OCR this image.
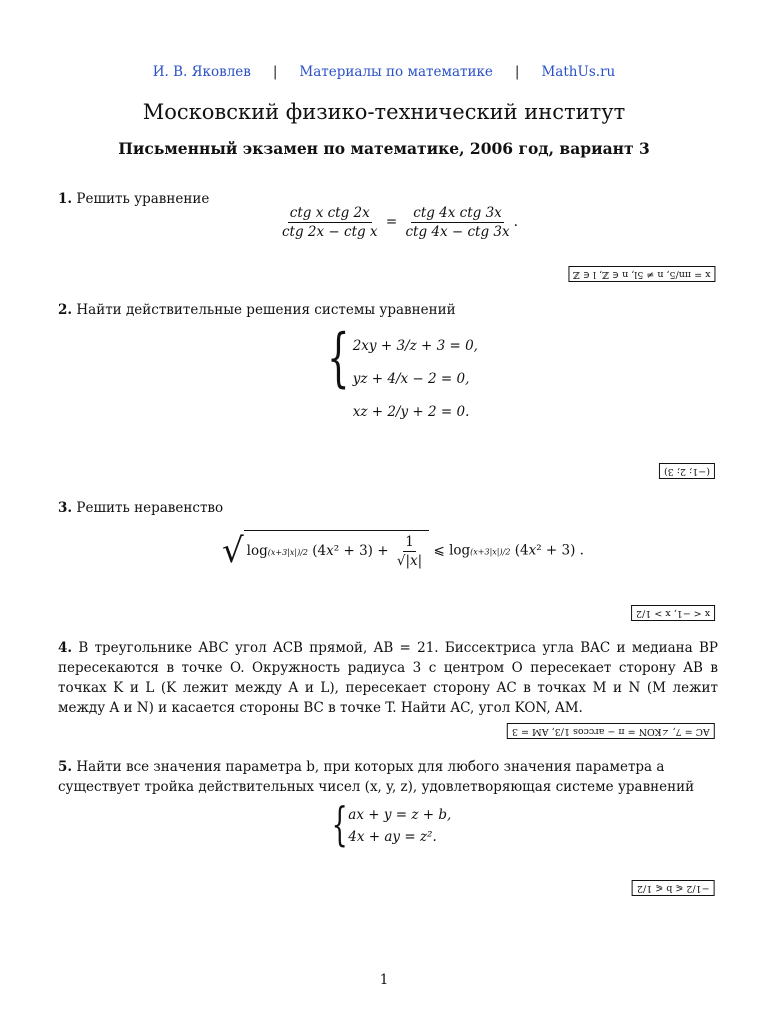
И. В. Яковлев | Материалы по математике | MathUs.ru
Московский физико-технический институт
Письменный экзамен по математике, 2006 год, вариант 3
1. Решить уравнение
$\frac{\text{ctg x ctg 2x}}{\text{ctg 2x − ctg x}} = \frac{\text{ctg 4x ctg 3x}}{\text{ctg 4x − ctg 3x}}$ .
x = πn/5, n ≠ 5l, n ∈ ℤ, l ∈ ℤ
2. Найти действительные решения системы уравнений
{ 2xy + 3/z + 3 = 0,
yz + 4/x − 2 = 0,
xz + 2/y + 2 = 0.
(−1; 2; 3)
3. Решить неравенство
√ log(x+3|x|)/2 $(4x^2 + 3) + \frac{1}{√|x|}$ ⩽ log(x+3|x|)/2 (4x² + 3) .
x < −1, x > 1/2
4. В треугольнике ABC угол ACB прямой, AB = 21. Биссектриса угла BAC и медиана BP пересекаются в точке O. Окружность радиуса 3 с центром O пересекает сторону AB в точках K и L (K лежит между A и L), пересекает сторону AC в точках M и N (M лежит между A и N) и касается стороны BC в точке T. Найти AC, угол KON, AM.
AC = 7, ∠KON = π − arccos 1/3, AM = 3
5. Найти все значения параметра b, при которых для любого значения параметра a существует тройка действительных чисел (x, y, z), удовлетворяющая системе уравнений
{ ax + y = z + b,
4x + ay = z².
−1/2 ⩽ b ⩽ 1/2
1
